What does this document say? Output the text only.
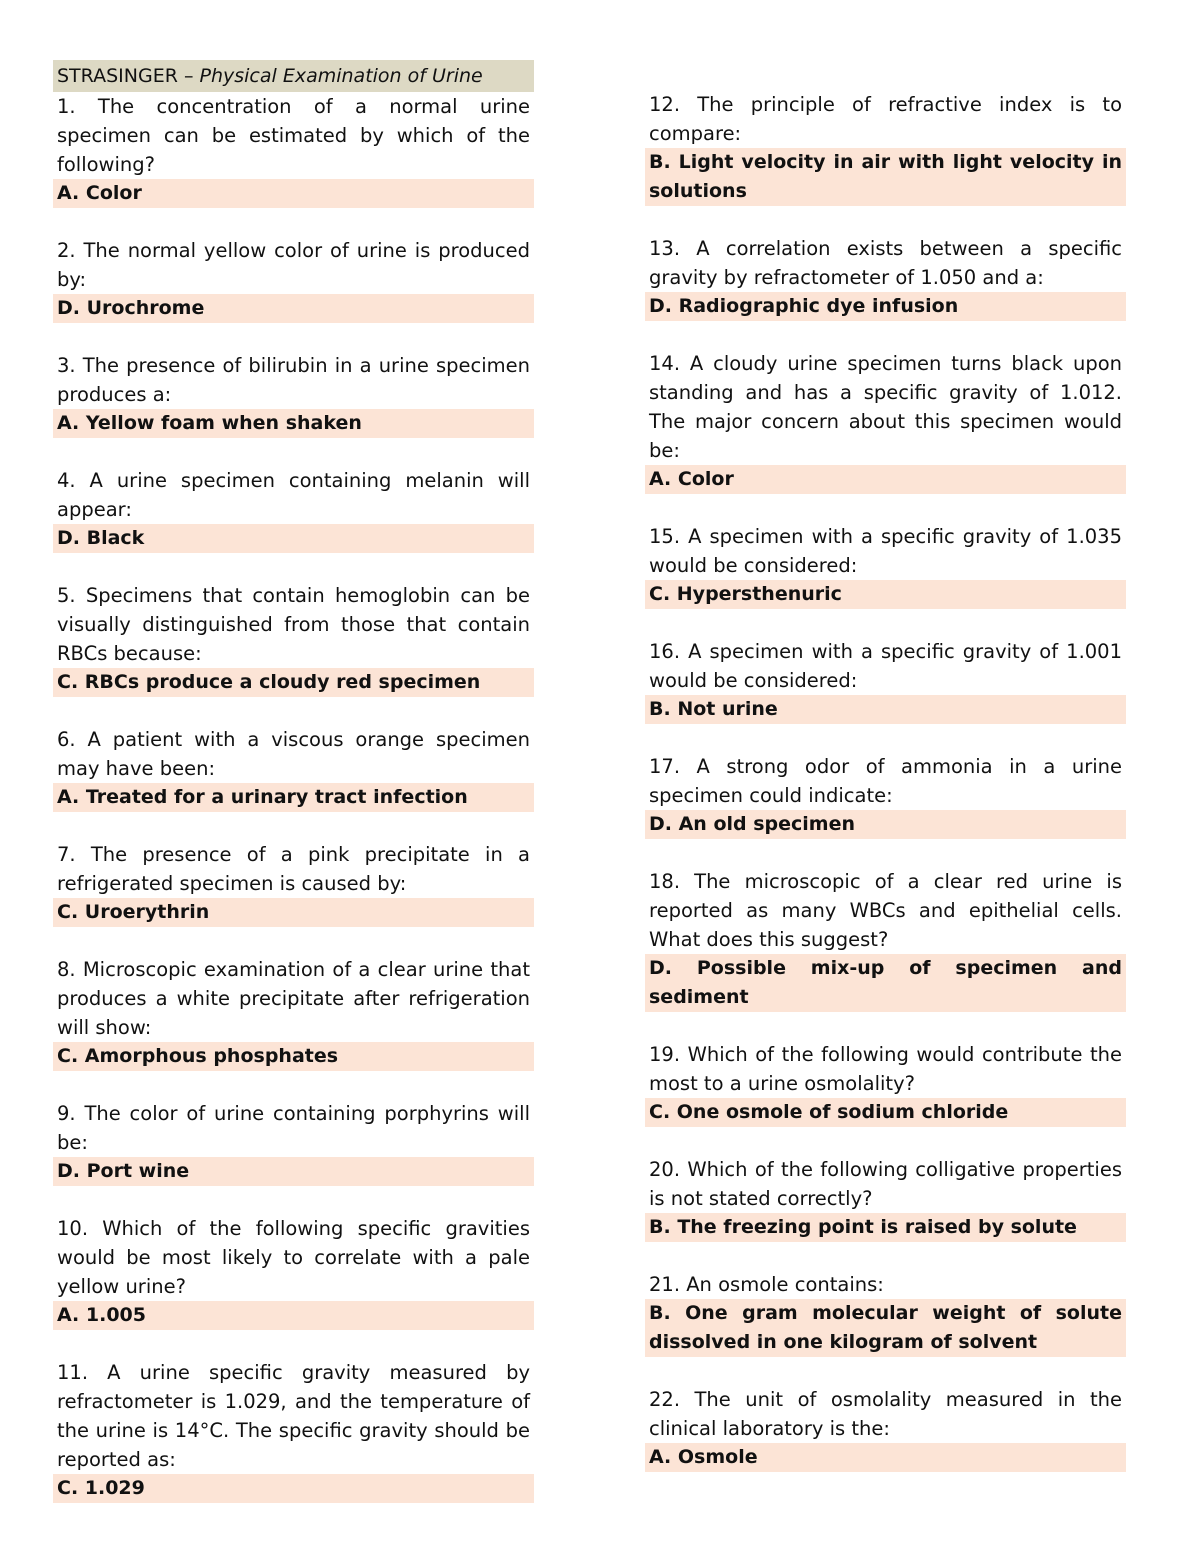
STRASINGER – Physical Examination of Urine
1. The concentration of a normal urine specimen can be estimated by which of the following?
A. Color
2. The normal yellow color of urine is produced by:
D. Urochrome
3. The presence of bilirubin in a urine specimen produces a:
A. Yellow foam when shaken
4. A urine specimen containing melanin will appear:
D. Black
5. Specimens that contain hemoglobin can be visually distinguished from those that contain RBCs because:
C. RBCs produce a cloudy red specimen
6. A patient with a viscous orange specimen may have been:
A. Treated for a urinary tract infection
7. The presence of a pink precipitate in a refrigerated specimen is caused by:
C. Uroerythrin
8. Microscopic examination of a clear urine that produces a white precipitate after refrigeration will show:
C. Amorphous phosphates
9. The color of urine containing porphyrins will be:
D. Port wine
10. Which of the following specific gravities would be most likely to correlate with a pale yellow urine?
A. 1.005
11. A urine specific gravity measured by refractometer is 1.029, and the temperature of the urine is 14°C. The specific gravity should be reported as:
C. 1.029
12. The principle of refractive index is to compare:
B. Light velocity in air with light velocity in solutions
13. A correlation exists between a specific gravity by refractometer of 1.050 and a:
D. Radiographic dye infusion
14. A cloudy urine specimen turns black upon standing and has a specific gravity of 1.012. The major concern about this specimen would be:
A. Color
15. A specimen with a specific gravity of 1.035 would be considered:
C. Hypersthenuric
16. A specimen with a specific gravity of 1.001 would be considered:
B. Not urine
17. A strong odor of ammonia in a urine specimen could indicate:
D. An old specimen
18. The microscopic of a clear red urine is reported as many WBCs and epithelial cells. What does this suggest?
D. Possible mix-up of specimen and sediment
19. Which of the following would contribute the most to a urine osmolality?
C. One osmole of sodium chloride
20. Which of the following colligative properties is not stated correctly?
B. The freezing point is raised by solute
21. An osmole contains:
B. One gram molecular weight of solute dissolved in one kilogram of solvent
22. The unit of osmolality measured in the clinical laboratory is the:
A. Osmole
